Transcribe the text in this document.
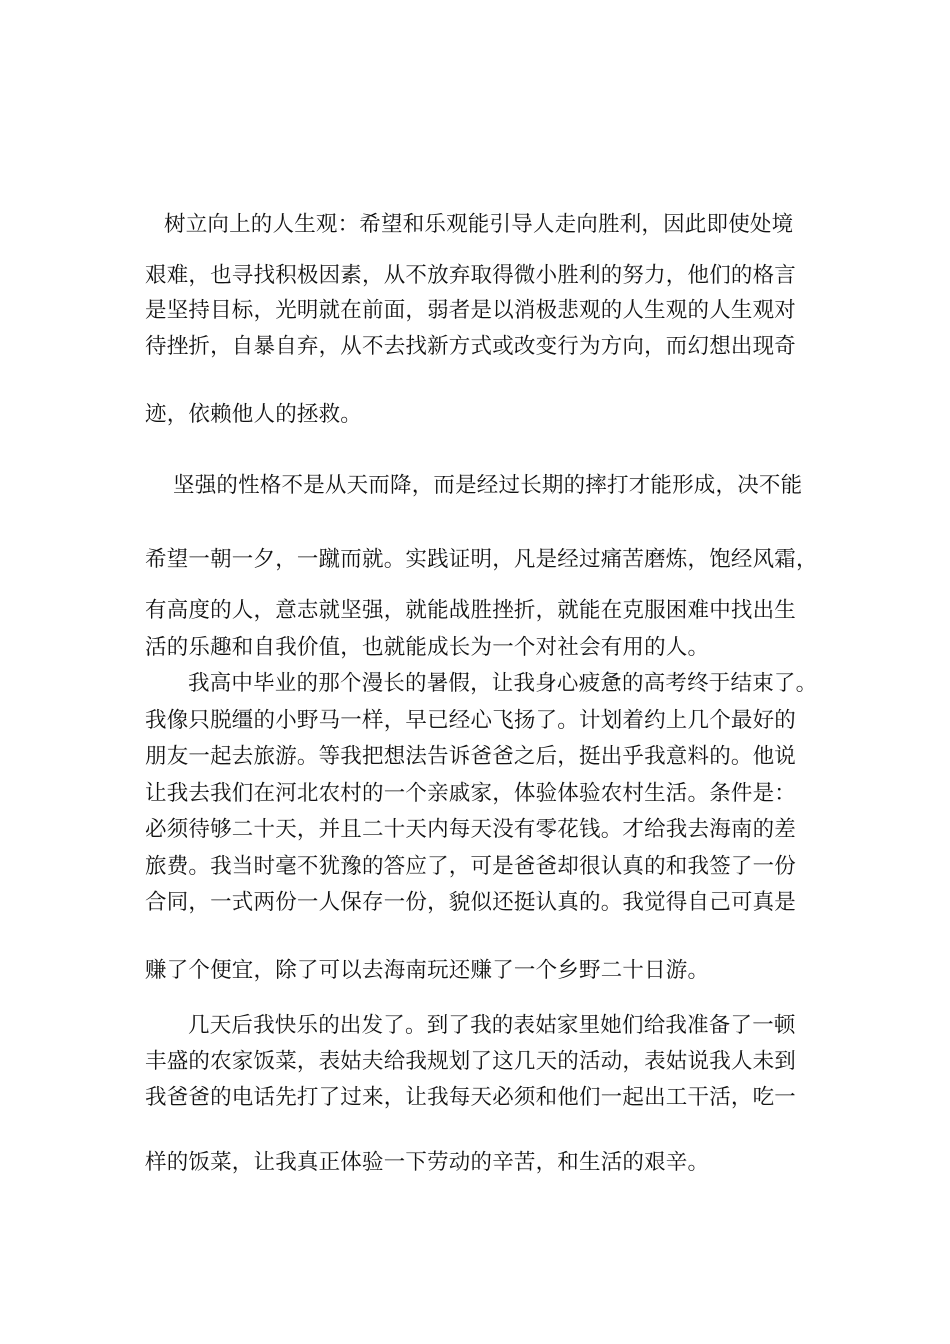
树立向上的人生观：希望和乐观能引导人走向胜利，因此即使处境
艰难，也寻找积极因素，从不放弃取得微小胜利的努力，他们的格言
是坚持目标，光明就在前面，弱者是以消极悲观的人生观的人生观对
待挫折，自暴自弃，从不去找新方式或改变行为方向，而幻想出现奇
迹，依赖他人的拯救。
坚强的性格不是从天而降，而是经过长期的摔打才能形成，决不能
希望一朝一夕，一蹴而就。实践证明，凡是经过痛苦磨炼，饱经风霜，
有高度的人，意志就坚强，就能战胜挫折，就能在克服困难中找出生
活的乐趣和自我价值，也就能成长为一个对社会有用的人。
我高中毕业的那个漫长的暑假，让我身心疲惫的高考终于结束了。
我像只脱缰的小野马一样，早已经心飞扬了。计划着约上几个最好的
朋友一起去旅游。等我把想法告诉爸爸之后，挺出乎我意料的。他说
让我去我们在河北农村的一个亲戚家，体验体验农村生活。条件是：
必须待够二十天，并且二十天内每天没有零花钱。才给我去海南的差
旅费。我当时毫不犹豫的答应了，可是爸爸却很认真的和我签了一份
合同，一式两份一人保存一份，貌似还挺认真的。我觉得自己可真是
赚了个便宜，除了可以去海南玩还赚了一个乡野二十日游。
几天后我快乐的出发了。到了我的表姑家里她们给我准备了一顿
丰盛的农家饭菜，表姑夫给我规划了这几天的活动，表姑说我人未到
我爸爸的电话先打了过来，让我每天必须和他们一起出工干活，吃一
样的饭菜，让我真正体验一下劳动的辛苦，和生活的艰辛。
